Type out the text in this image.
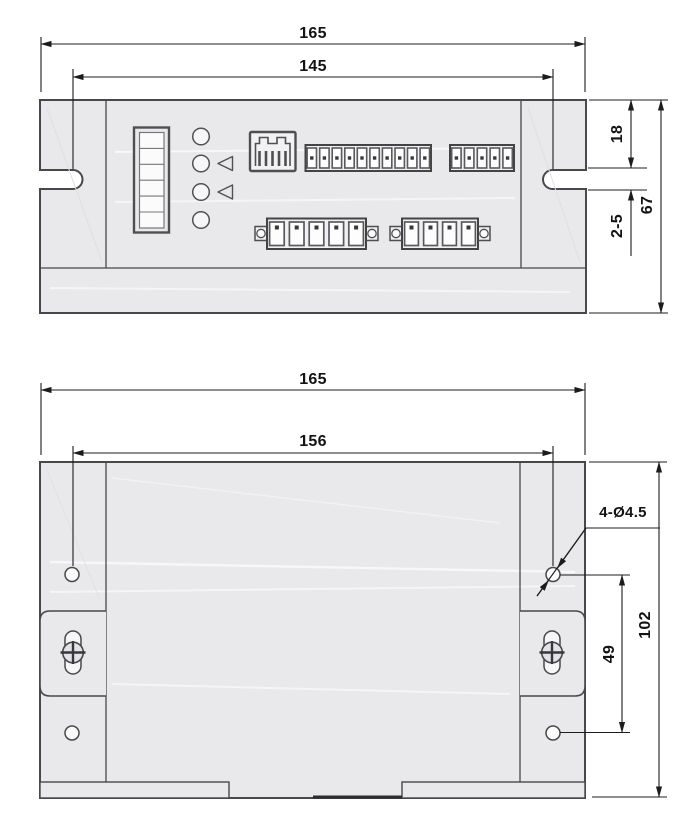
165
145
18
2-5
67
165
156
4-Ø4.5
102
49
